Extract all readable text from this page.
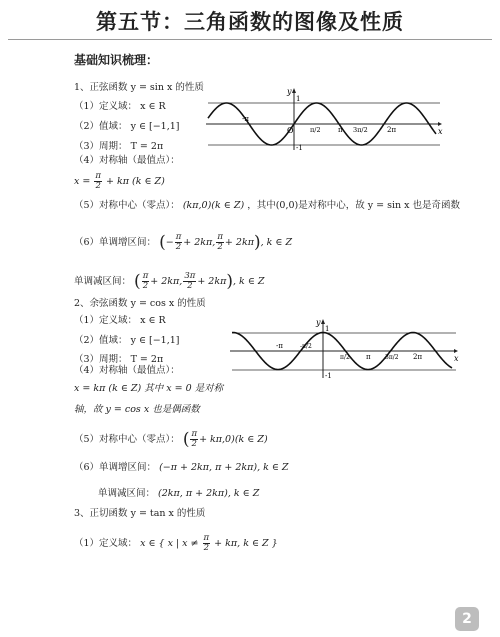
第五节：三角函数的图像及性质
基础知识梳理：
1、正弦函数 y = sin x 的性质
（1）定义域： x ∈ R
（2）值域： y ∈ [−1,1]
（3）周期： T = 2π
（4）对称轴（最值点）：
$x = \frac{\pi}{2} + k\pi$ (k ∈ Z)
y
x
O
1
-1
-π
π/2 π 3π/2	2π
（5）对称中心（零点）： (kπ,0)(k ∈ Z) ，其中(0,0)是对称中心，故 y = sin x 也是奇函数
（6）单调增区间： (− $\frac{\pi}{2} + 2k\pi$, $\frac{\pi}{2} + 2k\pi$), k ∈ Z
单调减区间： ( $\frac{\pi}{2} + 2k\pi$, $\frac{3\pi}{2} + 2k\pi$), k ∈ Z
2、余弦函数 y = cos x 的性质
（1）定义域： x ∈ R
（2）值域： y ∈ [−1,1]
（3）周期： T = 2π
（4）对称轴（最值点）：
x = kπ (k ∈ Z) 其中 x = 0 是对称
轴，故 y = cos x 也是偶函数
y
x
1
-1
-π	-π/2
π/2 π 3π/2 2π
（5）对称中心（零点）： ( $\frac{\pi}{2} + k\pi,0)(k$ ∈ Z)
（6）单调增区间： (−π + 2kπ, π + 2kπ), k ∈ Z
单调减区间： (2kπ, π + 2kπ), k ∈ Z
3、正切函数 y = tan x 的性质
（1）定义域： x ∈ { x | $x \ne \frac{\pi}{2} + k\pi$, k ∈ Z }
2
